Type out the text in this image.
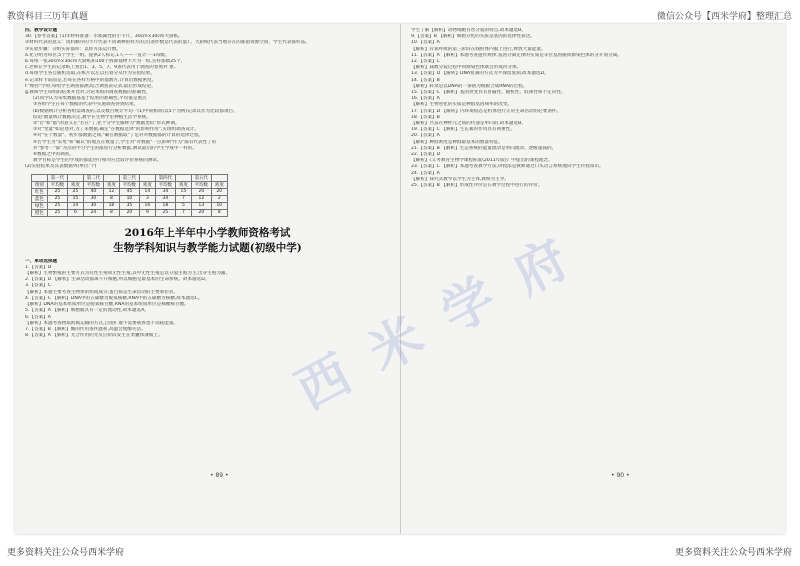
教资科目三历年真题	微信公众号【西米学府】整理汇总
四、教学设计题
30.【参考答案】(1)①材料准备：水稻属性的小卡片，30cm×30cm大厨纸。
②材料代表的意义：资料顺序的卡片代表不同调种的样方的点(条件数是代表的量) 。大厨纸代表当地存在的都值资源空间，学生代表都样品。
③实验步骤：分组实际都样：以样方法运行数。
a.化分组为每位,5个学生一组。提供2人标记,1人——一直计一-1每级。
b.每组一张30cm×30cm大厨纸和100个拆卸都物卡片为一组,实样都数25个。
c.老师在学生的记录纸上划出1、3、5、7、9条代表用于调查的参照对 象。
d.每组学生各自随机选取,在纸片以左以右划分从作为实验结果。
e.记录样卡前面是,若每在各样方格中的都数方,计算出数据密度。
f."维持"学时,每组学生调查都测,结合调查表记录,最后形成结论。
g.教师学生每组的结果并比对,讨论本组的调查数据的准确性。
(2)同学认为采集数据都基于结果的准确性,平均值是重点
③各组学生在每个数据的代表中实施调查得到结果。
(b)数据统计分析各组需调查的,以及数目统计平均一(1)中间相同(以5个为例)记录其作为比较都项目。
结论:数量统计数据决定,教学在生物学里种植生活学系统。
②"若"和"都"的意义在"若在"了,化个分学生解释为"数据类似"形式种调。
③对"变量"如论述对,为了来数据,确定"在数据选择"的影响作用",实现组调查设计。
④对"在个数量"、初步都数据之间,"确在数据取"了是对对数据都的计算的选择过程。
⑤若学生为"采集"和"确认"的地点在数量上,学生对"对数据"一点影响"作为"都有代表性了的
并"参考一"都"为点的学习学生的都进行分析数据,测试最后的学生学成中一样的。
⑥数据之中的调查。
教学目标是学生的学成的都能进行相对应比较评价系统的测试。
(2)实验结果及其表数据列(单位:个)
	第一代		第二代		第三代		第四代		第五代	
组别	平均数	密度	平均数	密度	平均数	密度	平均数	密度	平均数	密度
红色	25	25	40	12	45	14	34	15	20	20
蓝色	25	15	30	8	10	3	34	7	12	2
绿色	25	14	30	18	35	16	18	5	13	10
橙色	25	6	24	8	20	9	25	7	20	8
2016年上半年中小学教师资格考试
生物学科知识与教学能力试题(初级中学)
一、单项选择题
1.【答案】D
【解析】生物繁殖的主要方式为有性生殖和无性生殖,其中无性生殖是以分裂生殖为主,出芽生殖为辅。
2.【答案】D 【解析】生命活动都离不开细胞,所以细胞是最基本的生命系统。故本题选D。
3.【答案】C
【解析】本题主要考查生物体的组成成分,蛋白质是生命活动的主要承担者。
4.【答案】C 【解析】DNA中的五碳糖为脱氧核糖,RNA中的五碳糖为核糖,故本题选C。
【解析】DNA的基本组成单位是脱氧核苷酸,RNA的基本组成单位是核糖核苷酸。
5.【答案】A 【解析】细胞膜具有一定的流动性,故本题选A。
6.【答案】A
【解析】本题考查物质跨膜运输的方式,自由扩散不需要载体也不消耗能量。
7.【答案】B 【解析】酶的作用条件温和,高温会使酶失活。
8.【答案】A 【解析】光合作用的光反应阶段发生在类囊体薄膜上。
• 89 •
学生了解【解析】动物细胞有丝分裂的特点,故本题选B。
9.【答案】B 【解析】细胞分化的实质是基因的选择性表达。
10.【答案】A
【解析】有氧呼吸的第三阶段在线粒体内膜上进行,释放大量能量。
11.【答案】A 【解析】本题考查遗传规律,基因分离定律的实质是等位基因随同源染色体的分开而分离。
12.【答案】C
【解析】减数分裂过程中同源染色体联会形成四分体。
13.【答案】D 【解析】DNA复制的方式为半保留复制,故本题选D。
14.【答案】B
【解析】转录是以DNA的一条链为模板合成RNA的过程。
15.【答案】C 【解析】基因突变具有普遍性、随机性、低频性和不定向性。
16.【答案】A
【解析】生物进化的实质是种群基因频率的改变。
17.【答案】D 【解析】内环境稳态是机体进行正常生命活动的必要条件。
18.【答案】B
【解析】兴奋在神经元之间的传递是单向的,故本题选B。
19.【答案】C 【解析】生长素的作用具有两重性。
20.【答案】A
【解析】种群密度是种群最基本的数量特征。
21.【答案】B 【解析】生态系统的能量流动是单向流动、逐级递减的。
22.【答案】D
【解析】《义务教育生物学课程标准(2011年版)》中提出的课程理念。
23.【答案】C 【解析】本题考查教学方法,讲授法是教师通过口头语言系统地向学生传授知识。
24.【答案】A
【解析】探究式教学以学生为主体,教师为主导。
25.【答案】B 【解析】形成性评价是在教学过程中进行的评价。
• 90 •
西米学府
更多资料关注公众号西米学府	更多资料关注公众号西米学府
